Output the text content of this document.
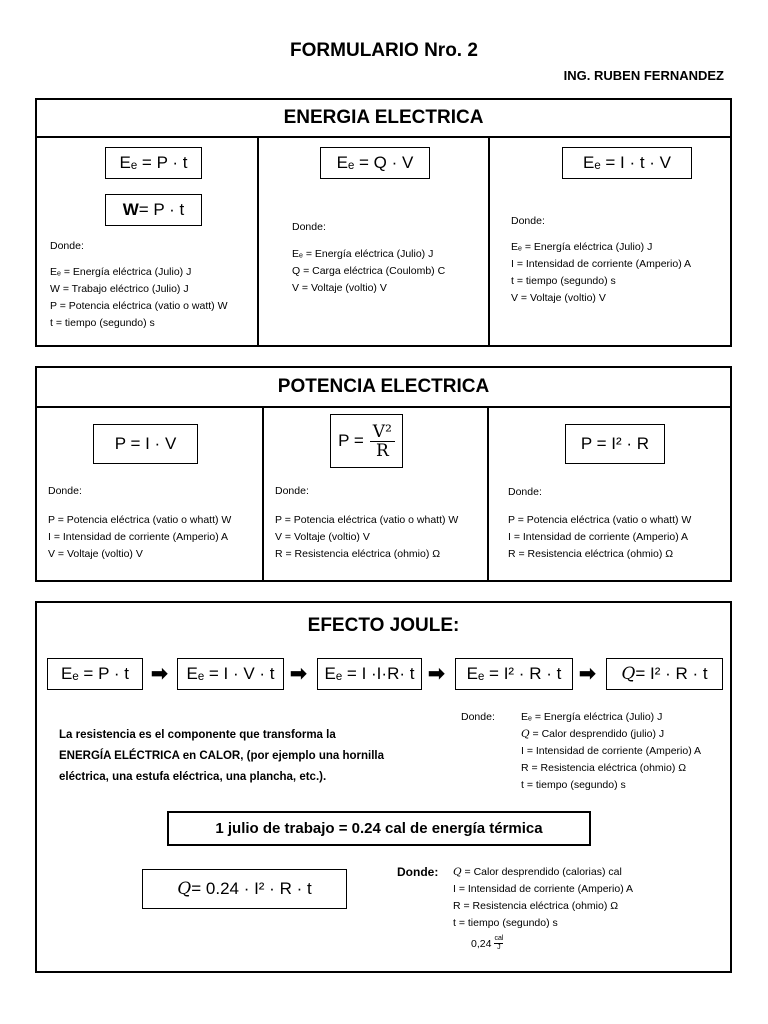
FORMULARIO Nro. 2
ING. RUBEN FERNANDEZ
ENERGIA ELECTRICA
Eₑ = P · t
W = P · t
Donde:
Eₑ = Energía eléctrica (Julio) J
W = Trabajo eléctrico (Julio) J
P = Potencia eléctrica (vatio o watt) W
t = tiempo (segundo) s
Eₑ = Q · V
Donde:
Eₑ = Energía eléctrica (Julio) J
Q = Carga eléctrica (Coulomb) C
V = Voltaje (voltio) V
Eₑ = I · t · V
Donde:
Eₑ = Energía eléctrica (Julio) J
I = Intensidad de corriente (Amperio) A
t = tiempo (segundo) s
V = Voltaje (voltio) V
POTENCIA ELECTRICA
P = I · V
Donde:
P = Potencia eléctrica (vatio o whatt) W
I = Intensidad de corriente (Amperio) A
V = Voltaje (voltio) V
$P = \frac{\text{V²}}{R}$
Donde:
P = Potencia eléctrica (vatio o whatt) W
V = Voltaje (voltio) V
R = Resistencia eléctrica (ohmio) Ω
P = I² · R
Donde:
P = Potencia eléctrica (vatio o whatt) W
I = Intensidad de corriente (Amperio) A
R = Resistencia eléctrica (ohmio) Ω
EFECTO JOULE:
Eₑ = P · t ➡ Eₑ = I · V · t ➡ Eₑ = I ·I·R· t ➡ Eₑ = I² · R · t ➡ Q = I² · R · t
La resistencia es el componente que transforma la
ENERGÍA ELÉCTRICA en CALOR, (por ejemplo una hornilla
eléctrica, una estufa eléctrica, una plancha, etc.).
Donde: Eₑ = Energía eléctrica (Julio) J
Q = Calor desprendido (julio) J
I = Intensidad de corriente (Amperio) A
R = Resistencia eléctrica (ohmio) Ω
t = tiempo (segundo) s
1 julio de trabajo = 0.24 cal de energía térmica
Q = 0.24 · I² · R · t
Donde: Q = Calor desprendido (calorias) cal
I = Intensidad de corriente (Amperio) A
R = Resistencia eléctrica (ohmio) Ω
t = tiempo (segundo) s
0,24 cal
J
